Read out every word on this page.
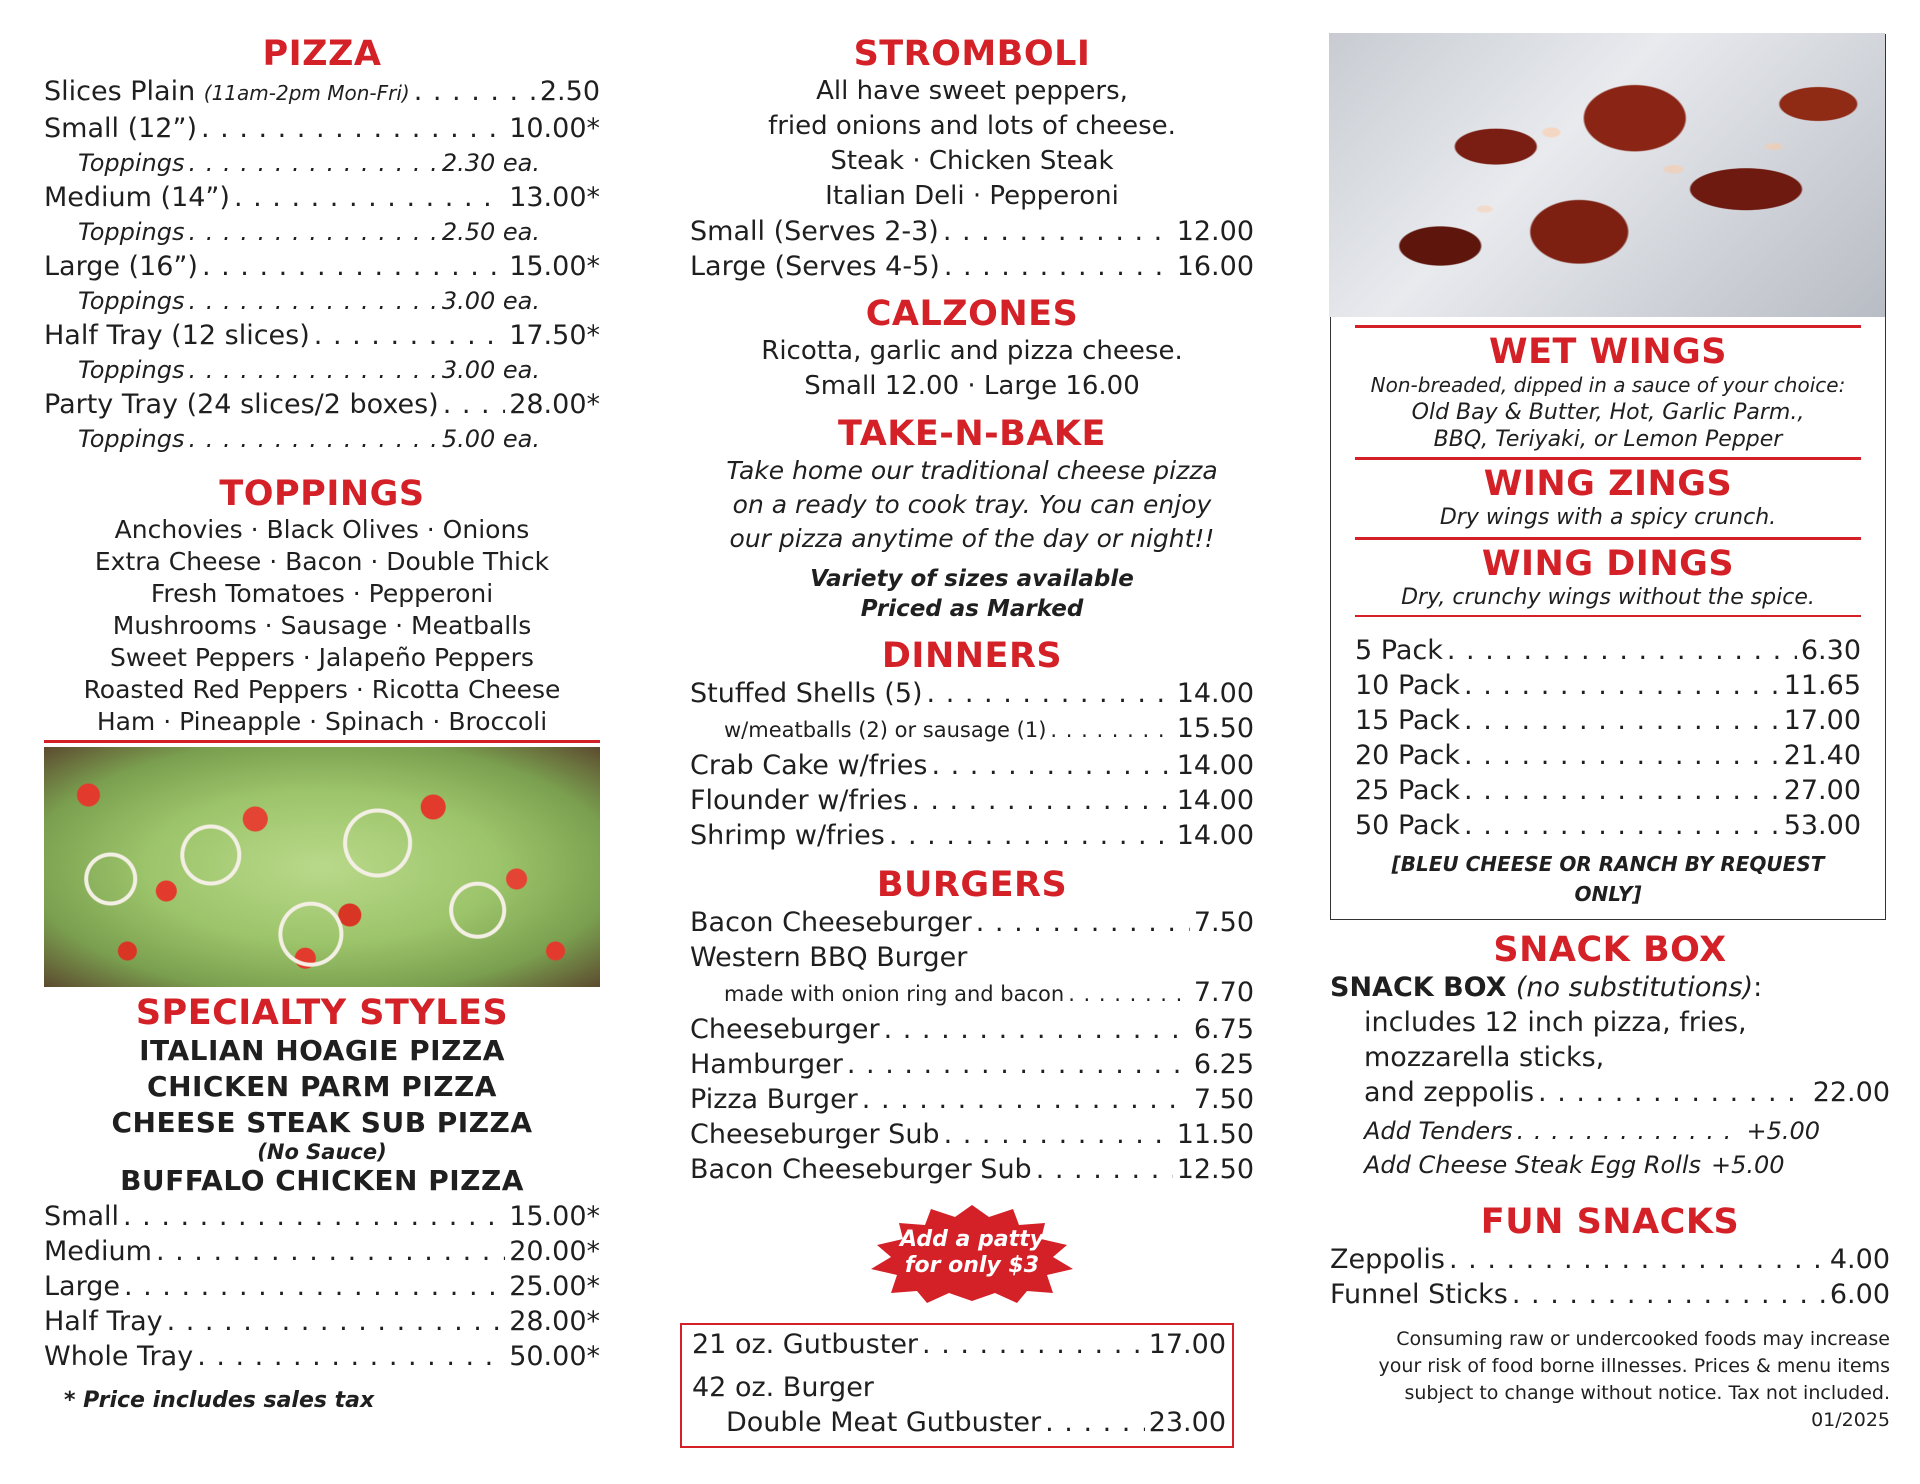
PIZZA
Slices Plain (11am-2pm Mon-Fri) . . .	2.50
Small (12”) . . .	10.00*
Toppings . . .	2.30 ea.
Medium (14”) . . .	13.00*
Toppings . . .	2.50 ea.
Large (16”) . . .	15.00*
Toppings . . .	3.00 ea.
Half Tray (12 slices) . . .	17.50*
Toppings . . .	3.00 ea.
Party Tray (24 slices/2 boxes) . . .	28.00*
Toppings . . .	5.00 ea.
TOPPINGS
Anchovies · Black Olives · Onions
Extra Cheese · Bacon · Double Thick
Fresh Tomatoes · Pepperoni
Mushrooms · Sausage · Meatballs
Sweet Peppers · Jalapeño Peppers
Roasted Red Peppers · Ricotta Cheese
Ham · Pineapple · Spinach · Broccoli
SPECIALTY STYLES
ITALIAN HOAGIE PIZZA
CHICKEN PARM PIZZA
CHEESE STEAK SUB PIZZA
(No Sauce)
BUFFALO CHICKEN PIZZA
Small . . .	15.00*
Medium . . .	20.00*
Large . . .	25.00*
Half Tray . . .	28.00*
Whole Tray . . .	50.00*
* Price includes sales tax
STROMBOLI
All have sweet peppers,
fried onions and lots of cheese.
Steak · Chicken Steak
Italian Deli · Pepperoni
Small (Serves 2-3) . . .	12.00
Large (Serves 4-5) . . .	16.00
CALZONES
Ricotta, garlic and pizza cheese.
Small 12.00 · Large 16.00
TAKE-N-BAKE
Take home our traditional cheese pizza
on a ready to cook tray. You can enjoy
our pizza anytime of the day or night!!
Variety of sizes available
Priced as Marked
DINNERS
Stuffed Shells (5) . . .	14.00
w/meatballs (2) or sausage (1) . . .	15.50
Crab Cake w/fries . . .	14.00
Flounder w/fries . . .	14.00
Shrimp w/fries . . .	14.00
BURGERS
Bacon Cheeseburger . . .	7.50
Western BBQ Burger
made with onion ring and bacon . . .	7.70
Cheeseburger . . .	6.75
Hamburger . . .	6.25
Pizza Burger . . .	7.50
Cheeseburger Sub . . .	11.50
Bacon Cheeseburger Sub . . .	12.50
Add a patty
for only $3
21 oz. Gutbuster . . .	17.00
42 oz. Burger
Double Meat Gutbuster . . .	23.00
WET WINGS
Non-breaded, dipped in a sauce of your choice:
Old Bay & Butter, Hot, Garlic Parm.,
BBQ, Teriyaki, or Lemon Pepper
WING ZINGS
Dry wings with a spicy crunch.
WING DINGS
Dry, crunchy wings without the spice.
5 Pack . . .	6.30
10 Pack . . .	11.65
15 Pack . . .	17.00
20 Pack . . .	21.40
25 Pack . . .	27.00
50 Pack . . .	53.00
[BLEU CHEESE OR RANCH BY REQUEST ONLY]
SNACK BOX
SNACK BOX (no substitutions):
includes 12 inch pizza, fries,
mozzarella sticks,
and zeppolis . . .	22.00
Add Tenders . . .	+5.00
Add Cheese Steak Egg Rolls +5.00
FUN SNACKS
Zeppolis . . .	4.00
Funnel Sticks . . .	6.00
Consuming raw or undercooked foods may increase
your risk of food borne illnesses. Prices & menu items
subject to change without notice. Tax not included.
01/2025
